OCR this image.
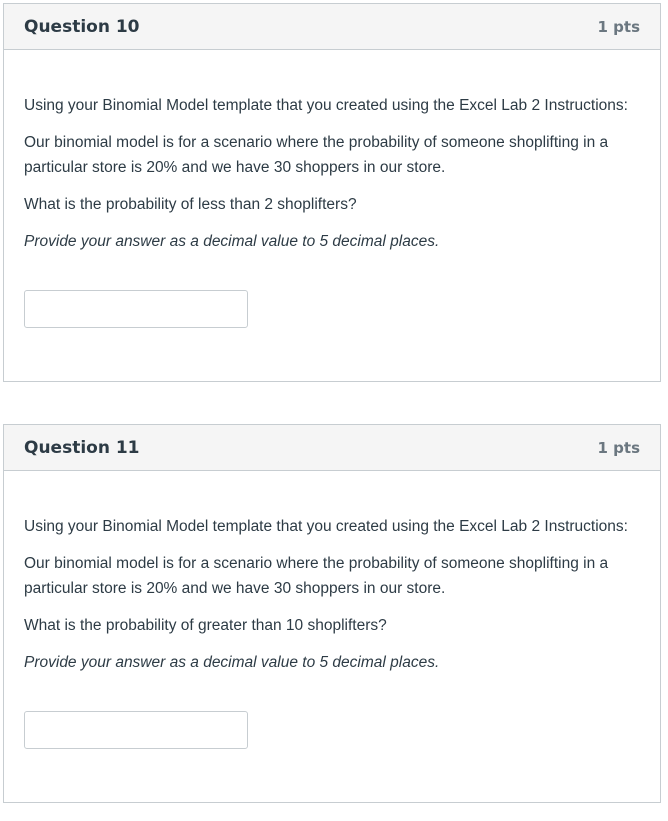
Question 10	1 pts

Using your Binomial Model template that you created using the Excel Lab 2 Instructions:

Our binomial model is for a scenario where the probability of someone shoplifting in a particular store is 20% and we have 30 shoppers in our store.

What is the probability of less than 2 shoplifters?

Provide your answer as a decimal value to 5 decimal places.

Question 11	1 pts

Using your Binomial Model template that you created using the Excel Lab 2 Instructions:

Our binomial model is for a scenario where the probability of someone shoplifting in a particular store is 20% and we have 30 shoppers in our store.

What is the probability of greater than 10 shoplifters?

Provide your answer as a decimal value to 5 decimal places.
